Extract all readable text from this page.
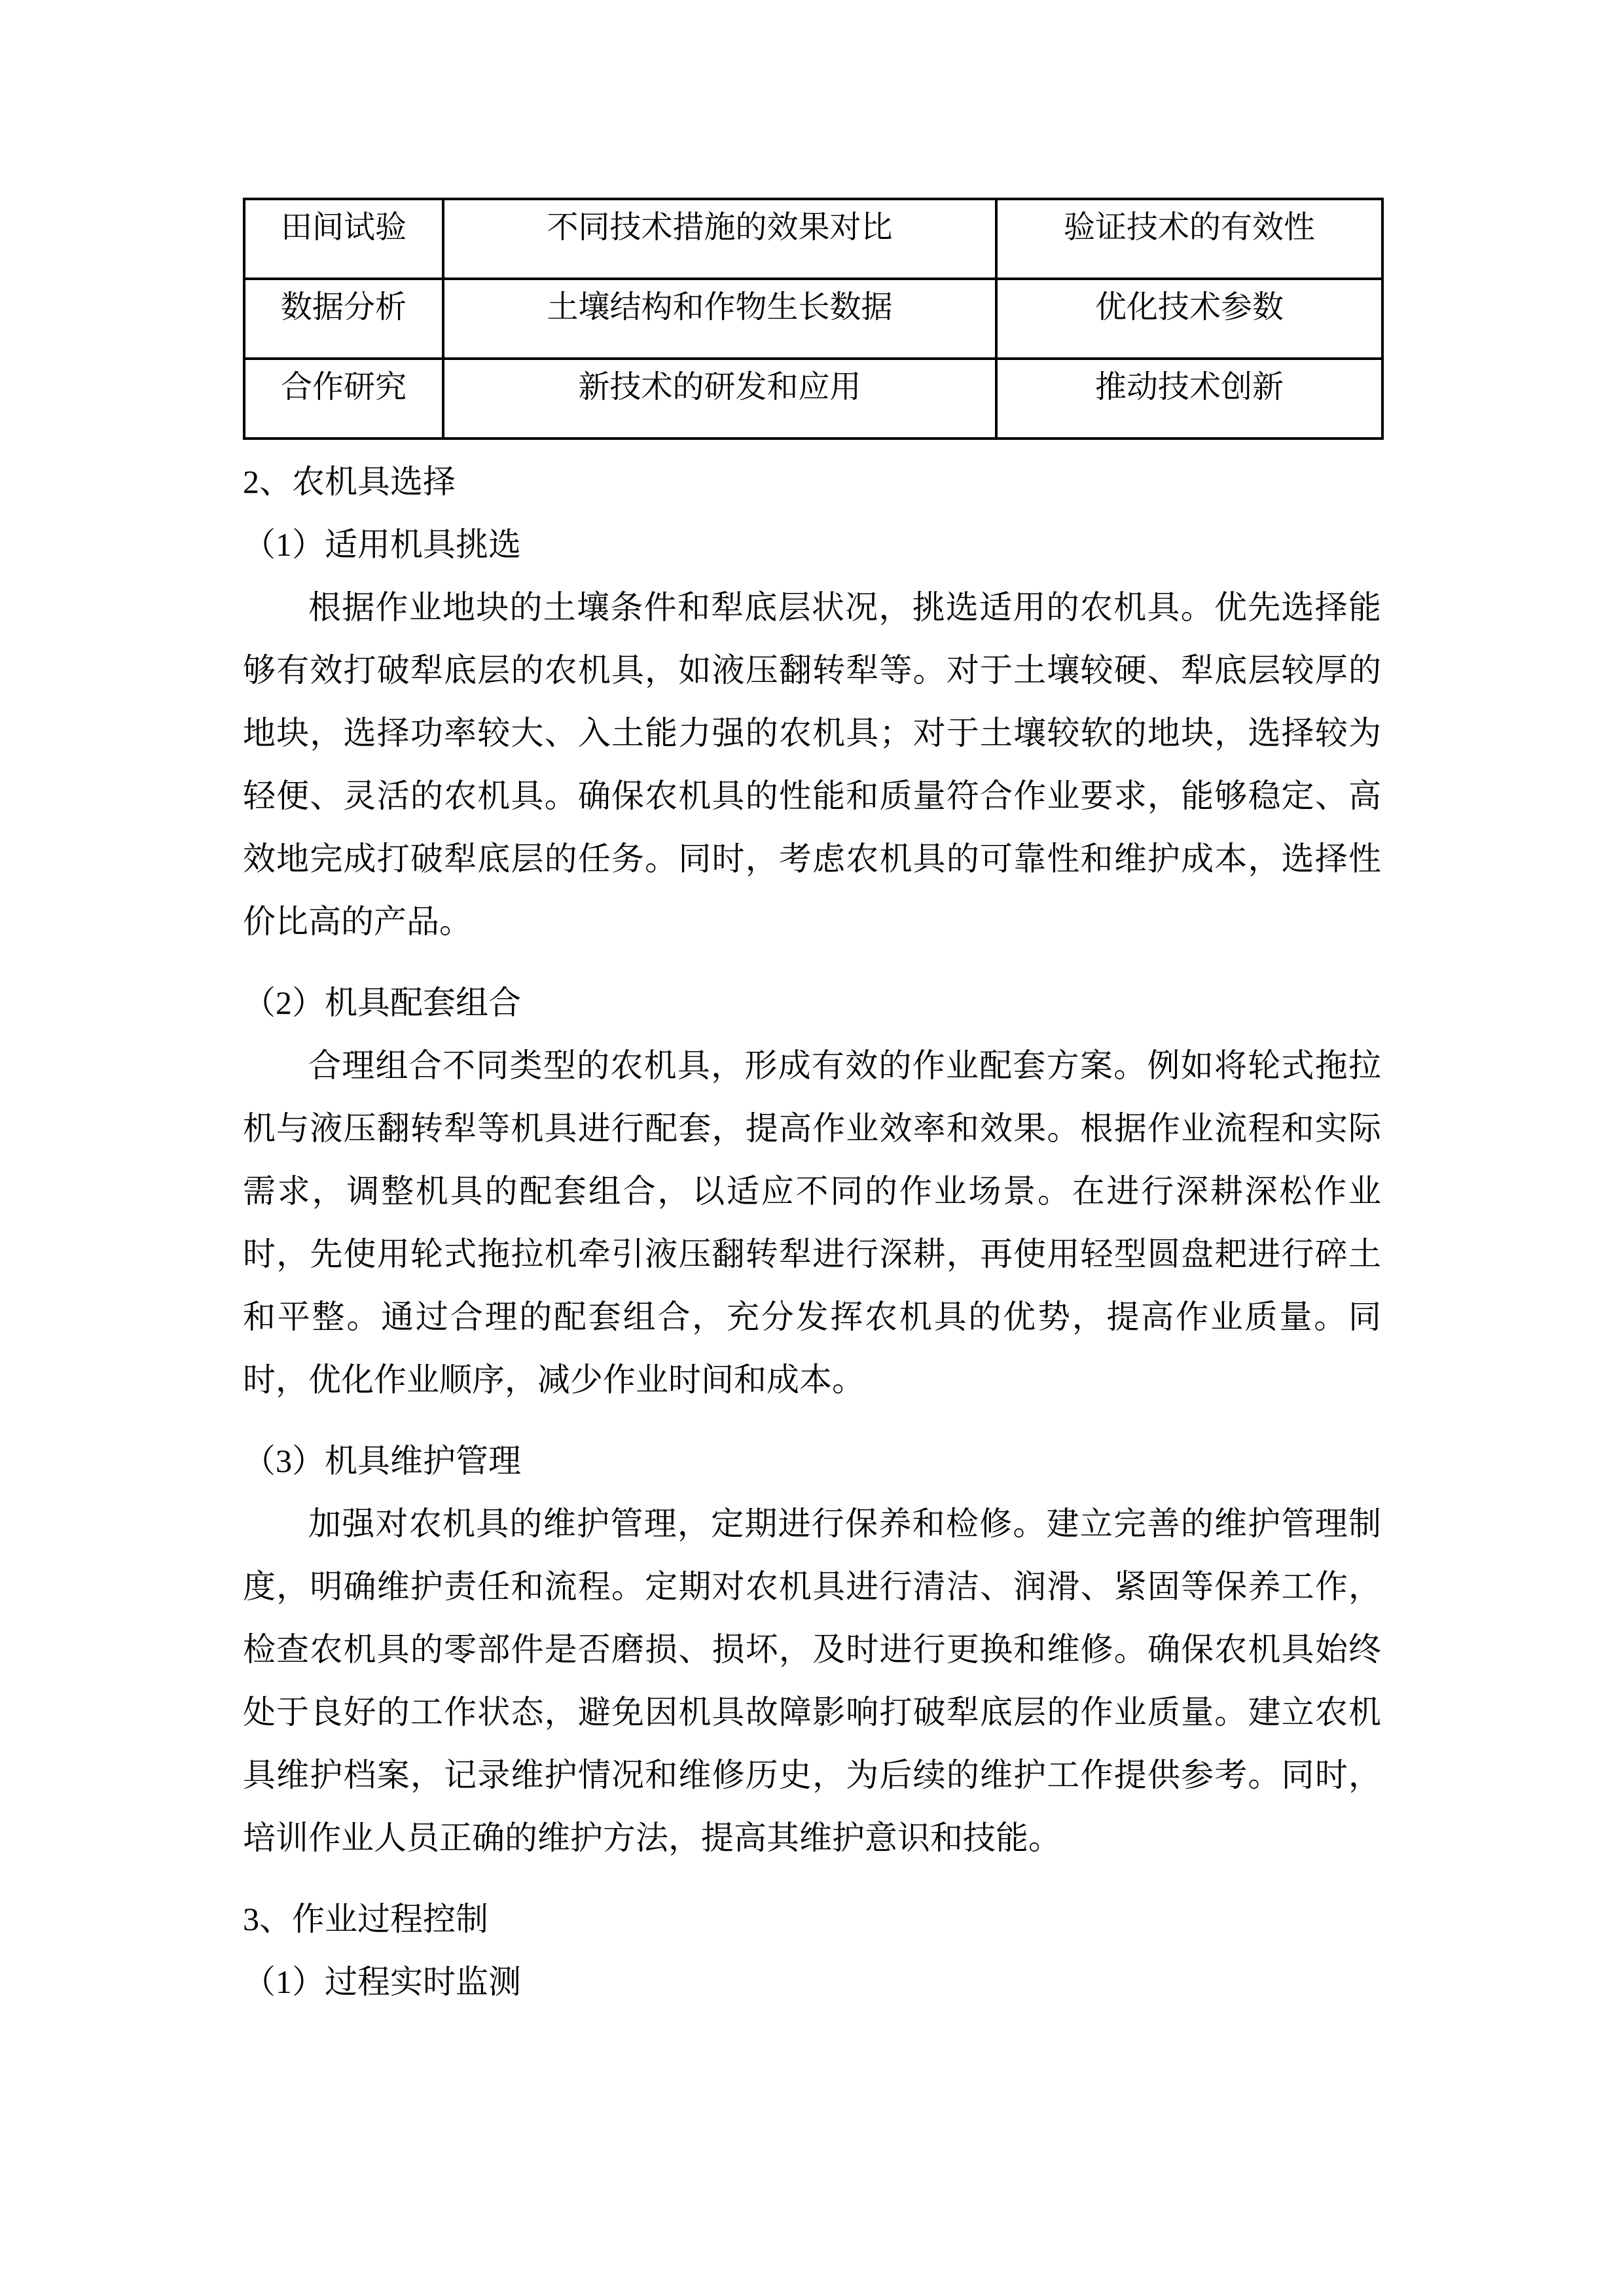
田间试验	不同技术措施的效果对比	验证技术的有效性
数据分析	土壤结构和作物生长数据	优化技术参数
合作研究	新技术的研发和应用	推动技术创新

2、农机具选择

（1）适用机具挑选

根据作业地块的土壤条件和犁底层状况，挑选适用的农机具。优先选择能够有效打破犁底层的农机具，如液压翻转犁等。对于土壤较硬、犁底层较厚的地块，选择功率较大、入土能力强的农机具；对于土壤较软的地块，选择较为轻便、灵活的农机具。确保农机具的性能和质量符合作业要求，能够稳定、高效地完成打破犁底层的任务。同时，考虑农机具的可靠性和维护成本，选择性价比高的产品。

（2）机具配套组合

合理组合不同类型的农机具，形成有效的作业配套方案。例如将轮式拖拉机与液压翻转犁等机具进行配套，提高作业效率和效果。根据作业流程和实际需求，调整机具的配套组合，以适应不同的作业场景。在进行深耕深松作业时，先使用轮式拖拉机牵引液压翻转犁进行深耕，再使用轻型圆盘耙进行碎土和平整。通过合理的配套组合，充分发挥农机具的优势，提高作业质量。同时，优化作业顺序，减少作业时间和成本。

（3）机具维护管理

加强对农机具的维护管理，定期进行保养和检修。建立完善的维护管理制度，明确维护责任和流程。定期对农机具进行清洁、润滑、紧固等保养工作，检查农机具的零部件是否磨损、损坏，及时进行更换和维修。确保农机具始终处于良好的工作状态，避免因机具故障影响打破犁底层的作业质量。建立农机具维护档案，记录维护情况和维修历史，为后续的维护工作提供参考。同时，培训作业人员正确的维护方法，提高其维护意识和技能。

3、作业过程控制

（1）过程实时监测
